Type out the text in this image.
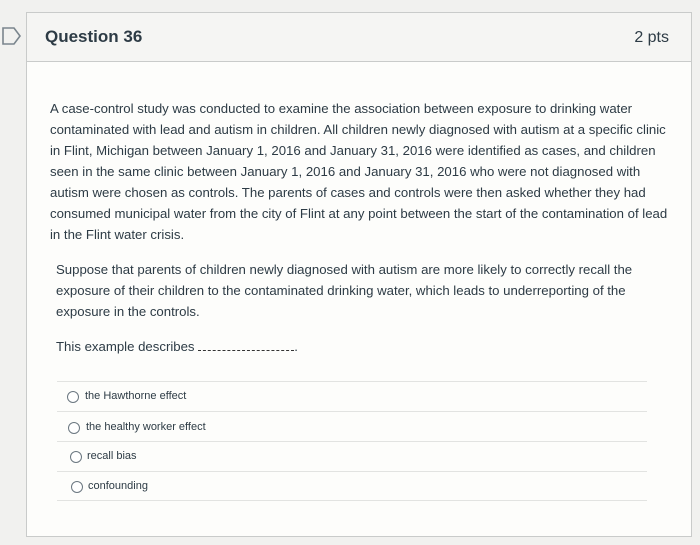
Question 36	2 pts

A case-control study was conducted to examine the association between exposure to drinking water contaminated with lead and autism in children. All children newly diagnosed with autism at a specific clinic in Flint, Michigan between January 1, 2016 and January 31, 2016 were identified as cases, and children seen in the same clinic between January 1, 2016 and January 31, 2016 who were not diagnosed with autism were chosen as controls. The parents of cases and controls were then asked whether they had consumed municipal water from the city of Flint at any point between the start of the contamination of lead in the Flint water crisis.

Suppose that parents of children newly diagnosed with autism are more likely to correctly recall the exposure of their children to the contaminated drinking water, which leads to underreporting of the exposure in the controls.

This example describes	.

the Hawthorne effect
the healthy worker effect
recall bias
confounding
